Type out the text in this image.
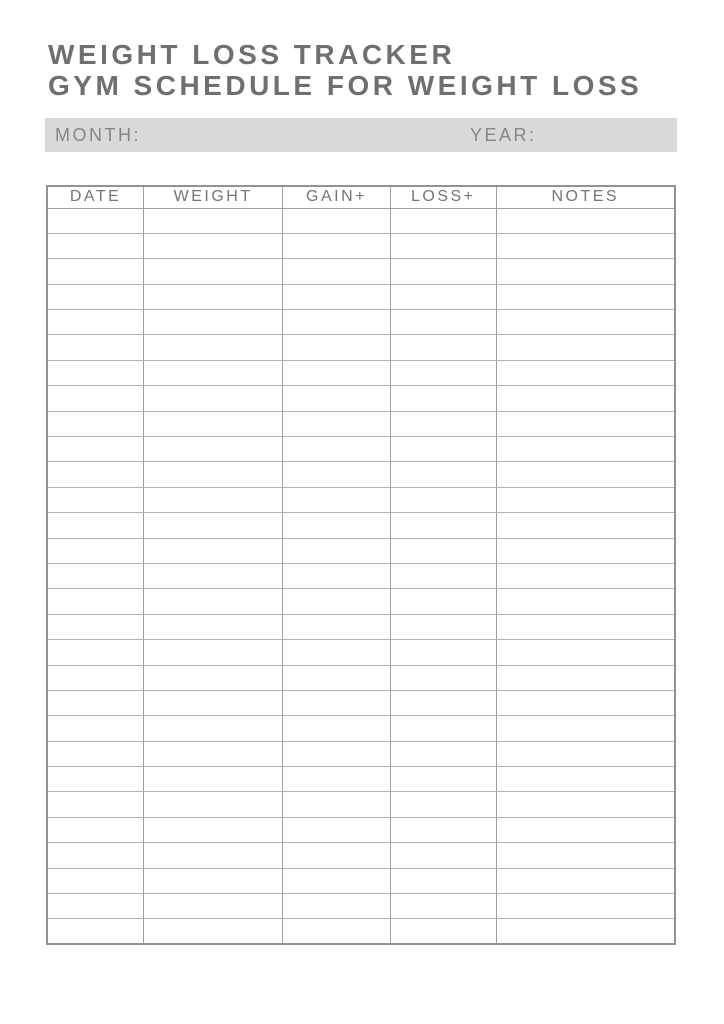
WEIGHT LOSS TRACKER
GYM SCHEDULE FOR WEIGHT LOSS
MONTH:	YEAR:
DATE	WEIGHT	GAIN+	LOSS+	NOTES
